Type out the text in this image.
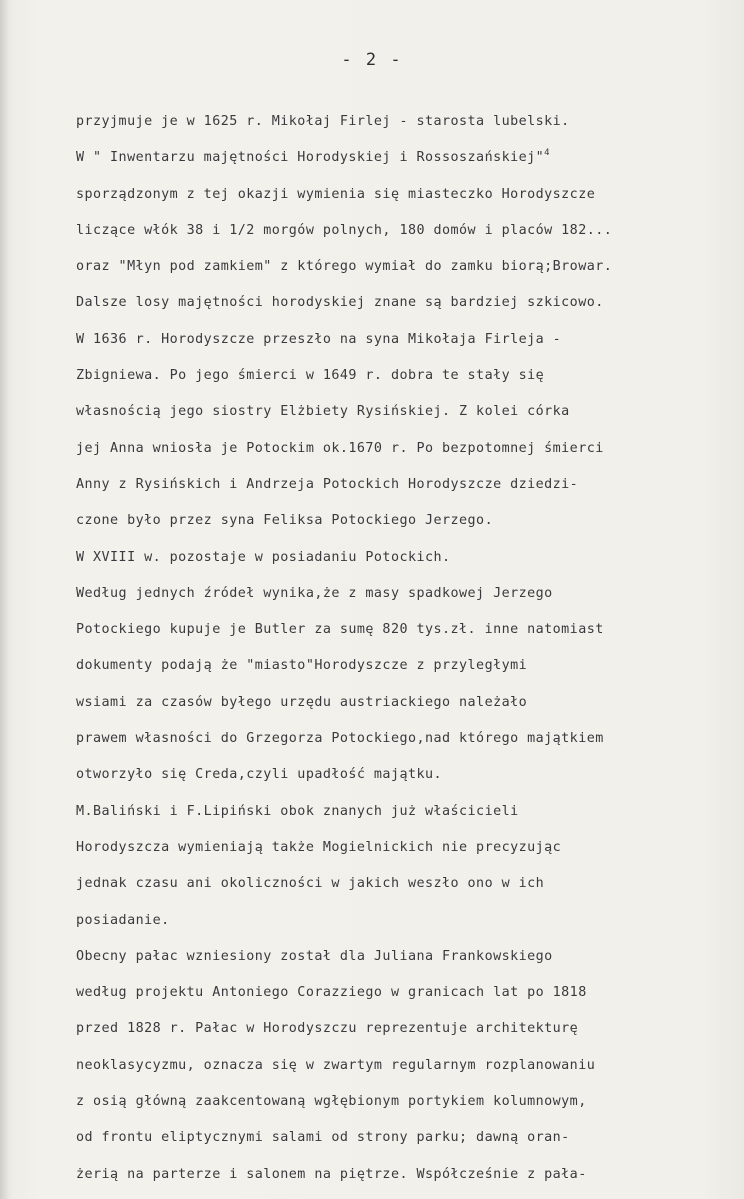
- 2 -
przyjmuje je w 1625 r. Mikołaj Firlej - starosta lubelski.
W " Inwentarzu majętności Horodyskiej i Rossoszańskiej"$^4$
sporządzonym z tej okazji wymienia się miasteczko Horodyszcze
liczące włók 38 i 1/2 morgów polnych, 180 domów i placów 182...
oraz "Młyn pod zamkiem" z którego wymiał do zamku biorą;Browar.
Dalsze losy majętności horodyskiej znane są bardziej szkicowo.
W 1636 r. Horodyszcze przeszło na syna Mikołaja Firleja -
Zbigniewa. Po jego śmierci w 1649 r. dobra te stały się
własnością jego siostry Elżbiety Rysińskiej. Z kolei córka
jej Anna wniosła je Potockim ok.1670 r. Po bezpotomnej śmierci
Anny z Rysińskich i Andrzeja Potockich Horodyszcze dziedzi-
czone było przez syna Feliksa Potockiego Jerzego.
W XVIII w. pozostaje w posiadaniu Potockich.
Według jednych źródeł wynika,że z masy spadkowej Jerzego
Potockiego kupuje je Butler za sumę 820 tys.zł. inne natomiast
dokumenty podają że "miasto"Horodyszcze z przyległymi
wsiami za czasów byłego urzędu austriackiego należało
prawem własności do Grzegorza Potockiego,nad którego majątkiem
otworzyło się Creda,czyli upadłość majątku.
M.Baliński i F.Lipiński obok znanych już właścicieli
Horodyszcza wymieniają także Mogielnickich nie precyzując
jednak czasu ani okoliczności w jakich weszło ono w ich
posiadanie.
Obecny pałac wzniesiony został dla Juliana Frankowskiego
według projektu Antoniego Corazziego w granicach lat po 1818
przed 1828 r. Pałac w Horodyszczu reprezentuje architekturę
neoklasycyzmu, oznacza się w zwartym regularnym rozplanowaniu
z osią główną zaakcentowaną wgłębionym portykiem kolumnowym,
od frontu eliptycznymi salami od strony parku; dawną oran-
żerią na parterze i salonem na piętrze. Współcześnie z pała-
